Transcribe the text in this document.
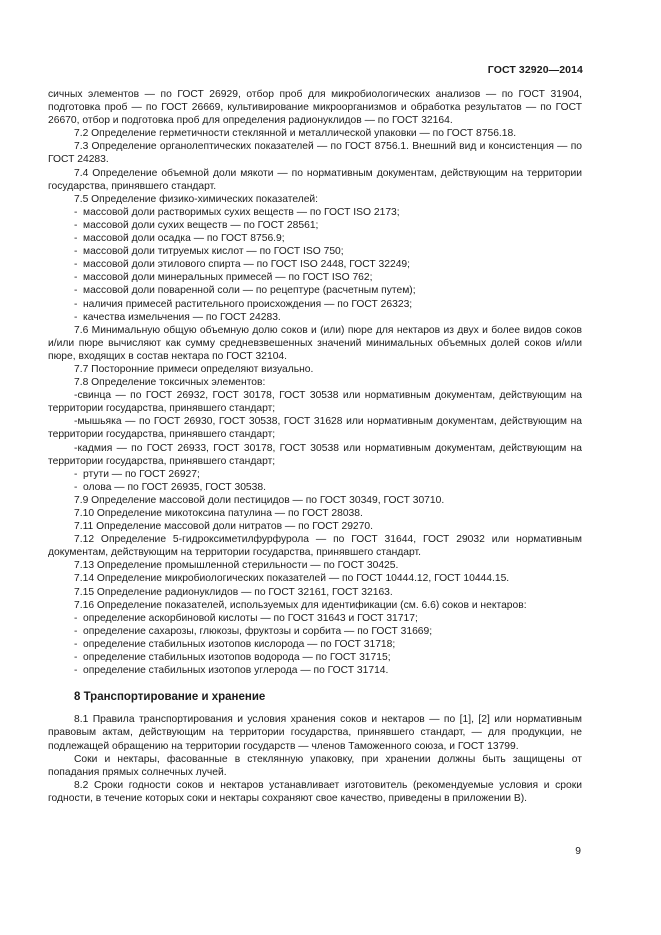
ГОСТ 32920—2014
сичных элементов — по ГОСТ 26929, отбор проб для микробиологических анализов — по ГОСТ 31904, подготовка проб — по ГОСТ 26669, культивирование микроорганизмов и обработка результатов — по ГОСТ 26670, отбор и подготовка проб для определения радионуклидов — по ГОСТ 32164.
7.2 Определение герметичности стеклянной и металлической упаковки — по ГОСТ 8756.18.
7.3 Определение органолептических показателей — по ГОСТ 8756.1. Внешний вид и консистенция — по ГОСТ 24283.
7.4 Определение объемной доли мякоти — по нормативным документам, действующим на территории государства, принявшего стандарт.
7.5 Определение физико-химических показателей:
- массовой доли растворимых сухих веществ — по ГОСТ ISO 2173;
- массовой доли сухих веществ — по ГОСТ 28561;
- массовой доли осадка — по ГОСТ 8756.9;
- массовой доли титруемых кислот — по ГОСТ ISO 750;
- массовой доли этилового спирта — по ГОСТ ISO 2448, ГОСТ 32249;
- массовой доли минеральных примесей — по ГОСТ ISO 762;
- массовой доли поваренной соли — по рецептуре (расчетным путем);
- наличия примесей растительного происхождения — по ГОСТ 26323;
- качества измельчения — по ГОСТ 24283.
7.6 Минимальную общую объемную долю соков и (или) пюре для нектаров из двух и более видов соков и/или пюре вычисляют как сумму средневзвешенных значений минимальных объемных долей соков и/или пюре, входящих в состав нектара по ГОСТ 32104.
7.7 Посторонние примеси определяют визуально.
7.8 Определение токсичных элементов:
-свинца — по ГОСТ 26932, ГОСТ 30178, ГОСТ 30538 или нормативным документам, действующим на территории государства, принявшего стандарт;
-мышьяка — по ГОСТ 26930, ГОСТ 30538, ГОСТ 31628 или нормативным документам, действующим на территории государства, принявшего стандарт;
-кадмия — по ГОСТ 26933, ГОСТ 30178, ГОСТ 30538 или нормативным документам, действующим на территории государства, принявшего стандарт;
- ртути — по ГОСТ 26927;
- олова — по ГОСТ 26935, ГОСТ 30538.
7.9 Определение массовой доли пестицидов — по ГОСТ 30349, ГОСТ 30710.
7.10 Определение микотоксина патулина — по ГОСТ 28038.
7.11 Определение массовой доли нитратов — по ГОСТ 29270.
7.12 Определение 5-гидроксиметилфурфурола — по ГОСТ 31644, ГОСТ 29032 или нормативным документам, действующим на территории государства, принявшего стандарт.
7.13 Определение промышленной стерильности — по ГОСТ 30425.
7.14 Определение микробиологических показателей — по ГОСТ 10444.12, ГОСТ 10444.15.
7.15 Определение радионуклидов — по ГОСТ 32161, ГОСТ 32163.
7.16 Определение показателей, используемых для идентификации (см. 6.6) соков и нектаров:
- определение аскорбиновой кислоты — по ГОСТ 31643 и ГОСТ 31717;
- определение сахарозы, глюкозы, фруктозы и сорбита — по ГОСТ 31669;
- определение стабильных изотопов кислорода — по ГОСТ 31718;
- определение стабильных изотопов водорода — по ГОСТ 31715;
- определение стабильных изотопов углерода — по ГОСТ 31714.
8 Транспортирование и хранение
8.1 Правила транспортирования и условия хранения соков и нектаров — по [1], [2] или нормативным правовым актам, действующим на территории государства, принявшего стандарт, — для продукции, не подлежащей обращению на территории государств — членов Таможенного союза, и ГОСТ 13799.
Соки и нектары, фасованные в стеклянную упаковку, при хранении должны быть защищены от попадания прямых солнечных лучей.
8.2 Сроки годности соков и нектаров устанавливает изготовитель (рекомендуемые условия и сроки годности, в течение которых соки и нектары сохраняют свое качество, приведены в приложении В).
9
